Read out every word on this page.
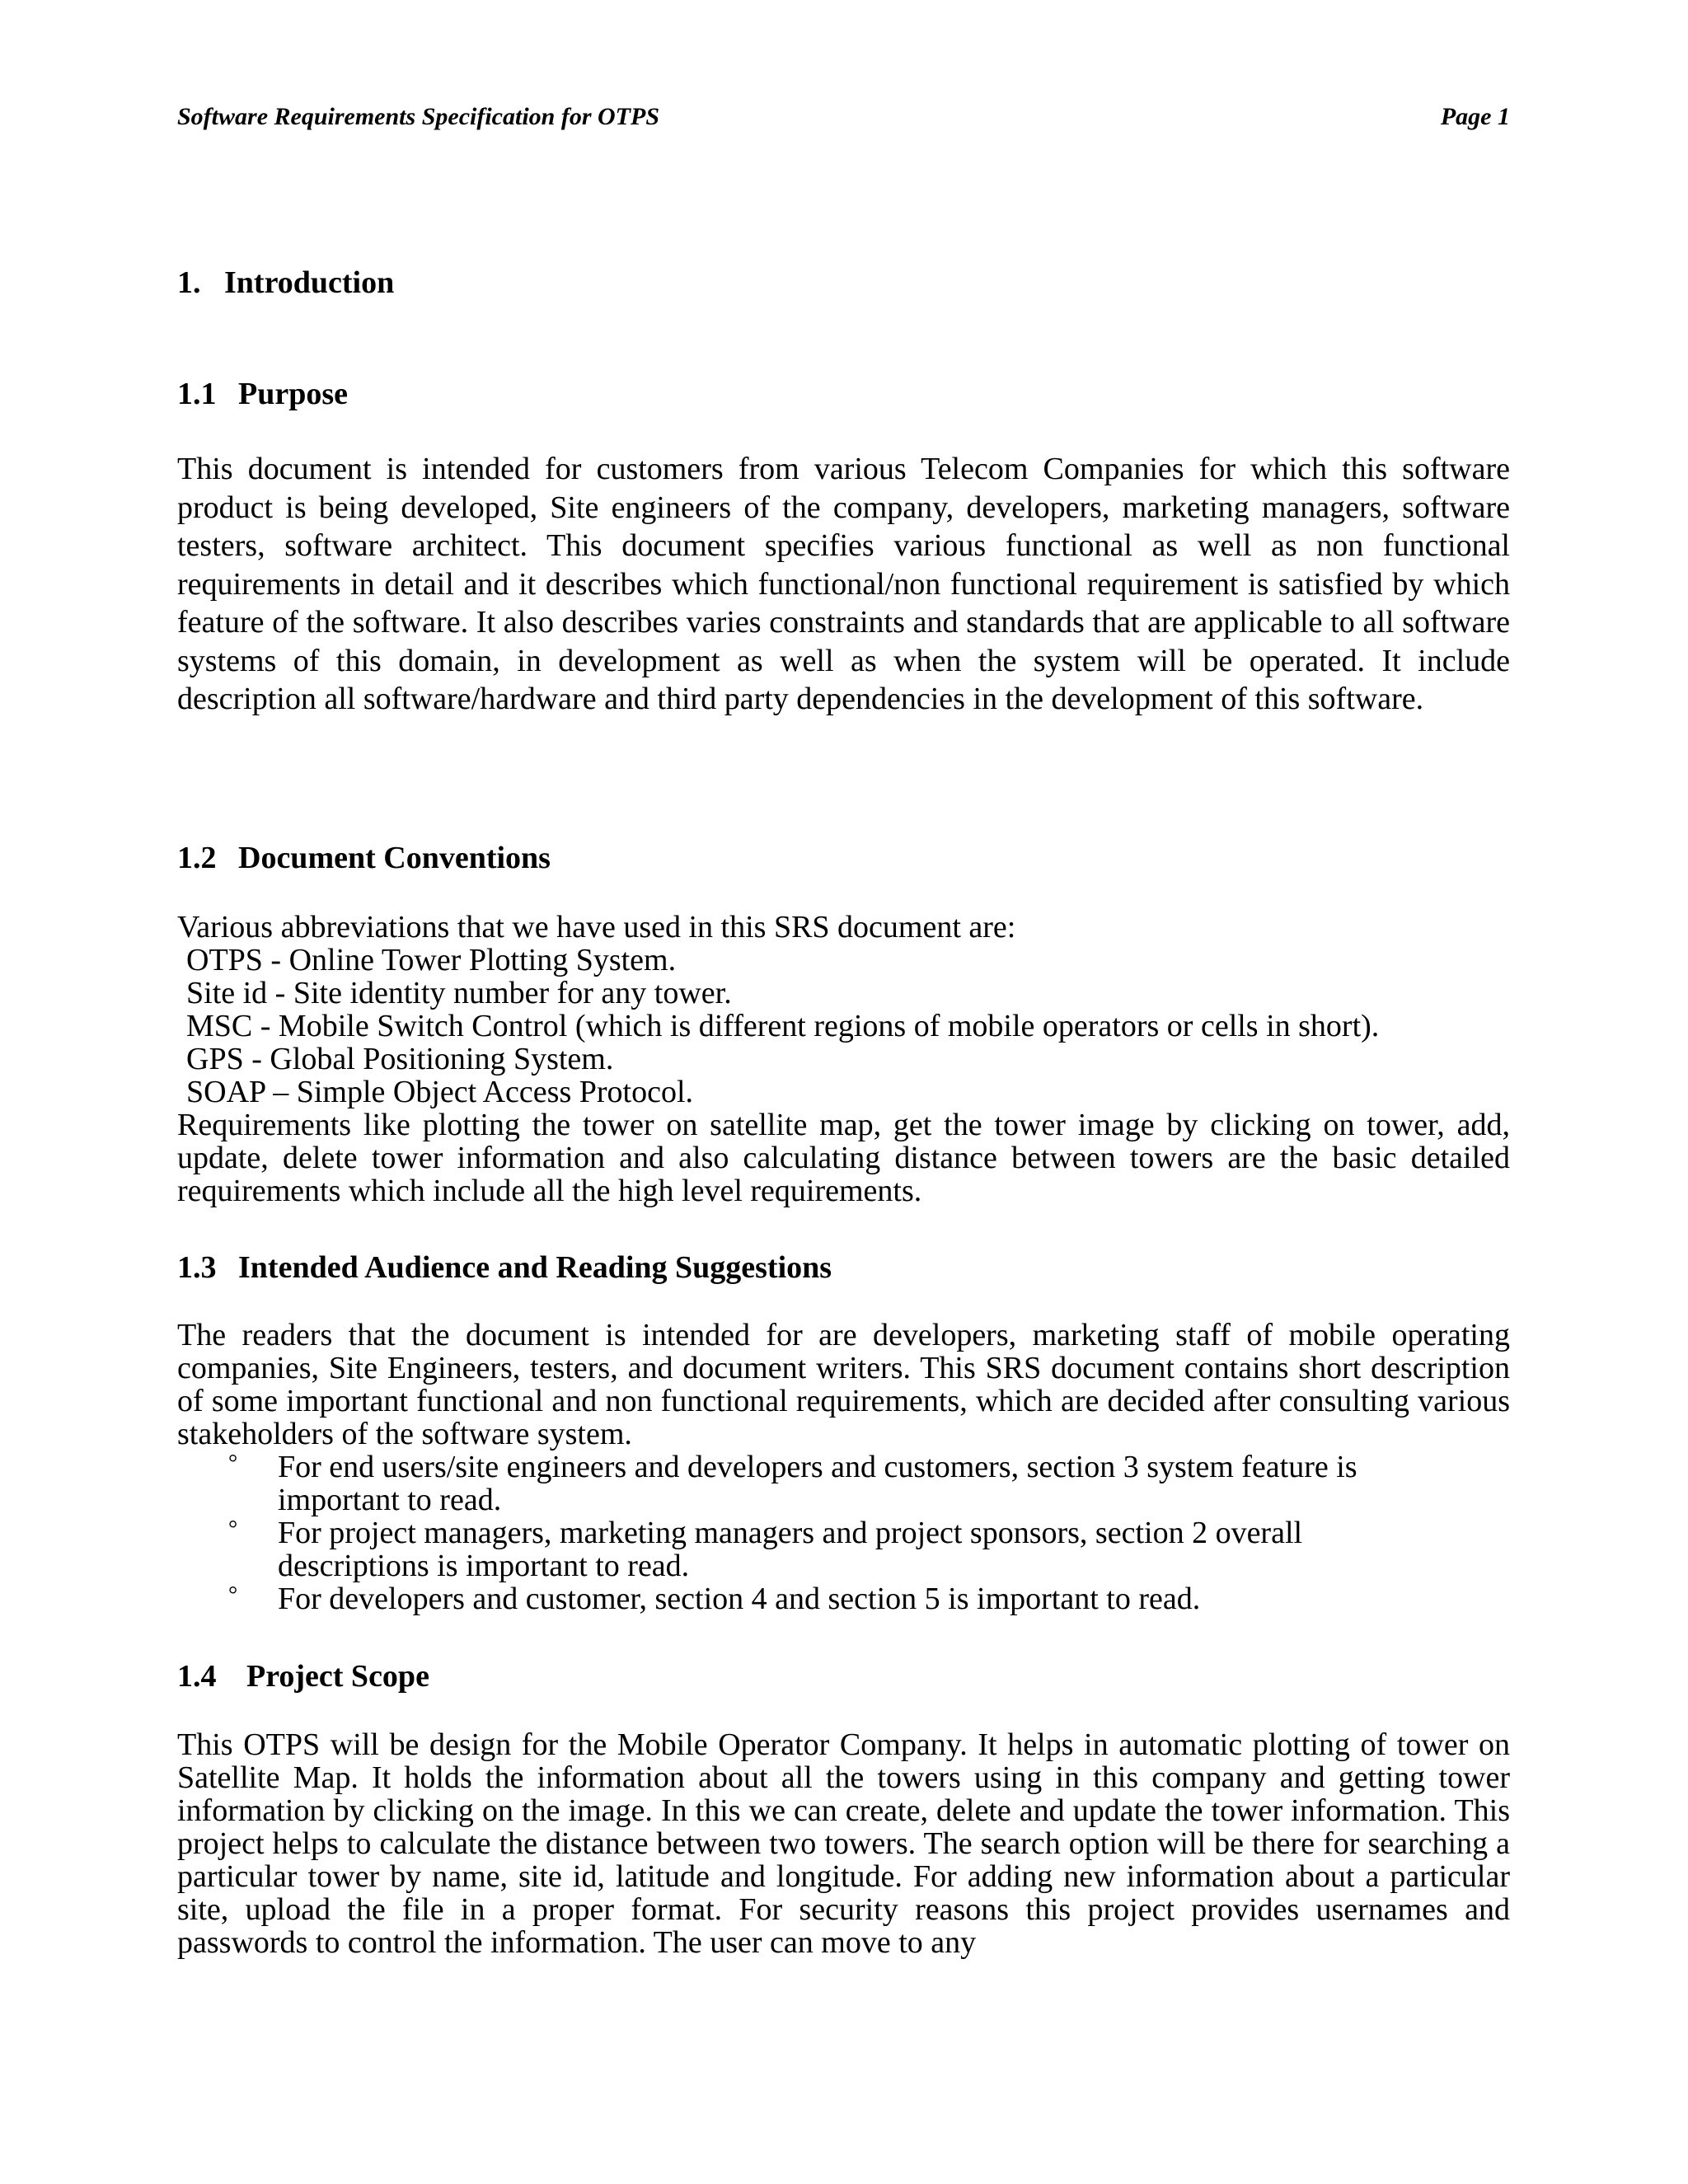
Software Requirements Specification for OTPS	Page 1
1. Introduction
1.1 Purpose

This document is intended for customers from various Telecom Companies for which this software product is being developed, Site engineers of the company, developers, marketing managers, software testers, software architect. This document specifies various functional as well as non functional requirements in detail and it describes which functional/non functional requirement is satisfied by which feature of the software. It also describes varies constraints and standards that are applicable to all software systems of this domain, in development as well as when the system will be operated. It include description all software/hardware and third party dependencies in the development of this software.

1.2 Document Conventions
Various abbreviations that we have used in this SRS document are:
OTPS - Online Tower Plotting System.
Site id - Site identity number for any tower.
MSC - Mobile Switch Control (which is different regions of mobile operators or cells in short).
GPS - Global Positioning System.
SOAP – Simple Object Access Protocol.

Requirements like plotting the tower on satellite map, get the tower image by clicking on tower, add, update, delete tower information and also calculating distance between towers are the basic detailed requirements which include all the high level requirements.

1.3 Intended Audience and Reading Suggestions

The readers that the document is intended for are developers, marketing staff of mobile operating companies, Site Engineers, testers, and document writers. This SRS document contains short description of some important functional and non functional requirements, which are decided after consulting various stakeholders of the software system.

° For end users/site engineers and developers and customers, section 3 system feature is important to read.
° For project managers, marketing managers and project sponsors, section 2 overall descriptions is important to read.
° For developers and customer, section 4 and section 5 is important to read.
1.4 Project Scope

This OTPS will be design for the Mobile Operator Company. It helps in automatic plotting of tower on Satellite Map. It holds the information about all the towers using in this company and getting tower information by clicking on the image. In this we can create, delete and update the tower information. This project helps to calculate the distance between two towers. The search option will be there for searching a particular tower by name, site id, latitude and longitude. For adding new information about a particular site, upload the file in a proper format. For security reasons this project provides usernames and passwords to control the information. The user can move to any
